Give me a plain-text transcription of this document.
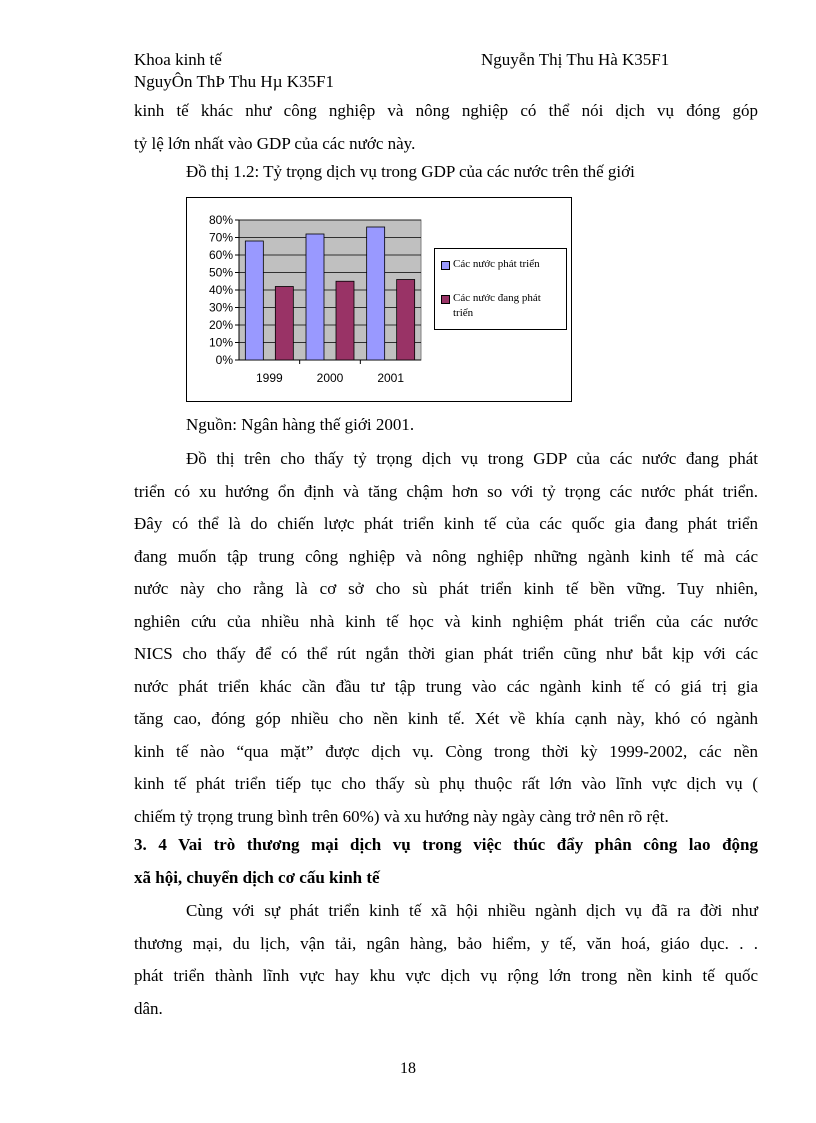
Khoa kinh tế	Nguyễn Thị Thu Hà K35F1
NguyÔn ThÞ Thu Hµ K35F1
kinh tế khác như công nghiệp và nông nghiệp có thể nói dịch vụ đóng góp
tỷ lệ lớn nhất vào GDP của các nước này.
Đồ thị 1.2: Tỷ trọng dịch vụ trong GDP của các nước trên thế giới
0%
10%
20%
30%
40%
50%
60%
70%
80%
1999	2000	2001
Các nước phát triển
Các nước đang phát
triển
Nguồn: Ngân hàng thế giới 2001.
Đồ thị trên cho thấy tỷ trọng dịch vụ trong GDP của các nước đang phát
triển có xu hướng ổn định và tăng chậm hơn so với tỷ trọng các nước phát triển.
Đây có thể là do chiến lược phát triển kinh tế của các quốc gia đang phát triển
đang muốn tập trung công nghiệp và nông nghiệp những ngành kinh tế mà các
nước này cho rằng là cơ sở cho sù phát triển kinh tế bền vững. Tuy nhiên,
nghiên cứu của nhiều nhà kinh tế học và kinh nghiệm phát triển của các nước
NICS cho thấy để có thể rút ngắn thời gian phát triển cũng như bắt kịp với các
nước phát triển khác cần đầu tư tập trung vào các ngành kinh tế có giá trị gia
tăng cao, đóng góp nhiều cho nền kinh tế. Xét về khía cạnh này, khó có ngành
kinh tế nào “qua mặt” được dịch vụ. Còng trong thời kỳ 1999-2002, các nền
kinh tế phát triển tiếp tục cho thấy sù phụ thuộc rất lớn vào lĩnh vực dịch vụ (
chiếm tỷ trọng trung bình trên 60%) và xu hướng này ngày càng trở nên rõ rệt.
3. 4 Vai trò thương mại dịch vụ trong việc thúc đẩy phân công lao động
xã hội, chuyển dịch cơ cấu kinh tế
Cùng với sự phát triển kinh tế xã hội nhiều ngành dịch vụ đã ra đời như
thương mại, du lịch, vận tải, ngân hàng, bảo hiểm, y tế, văn hoá, giáo dục. . .
phát triển thành lĩnh vực hay khu vực dịch vụ rộng lớn trong nền kinh tế quốc
dân.
18
